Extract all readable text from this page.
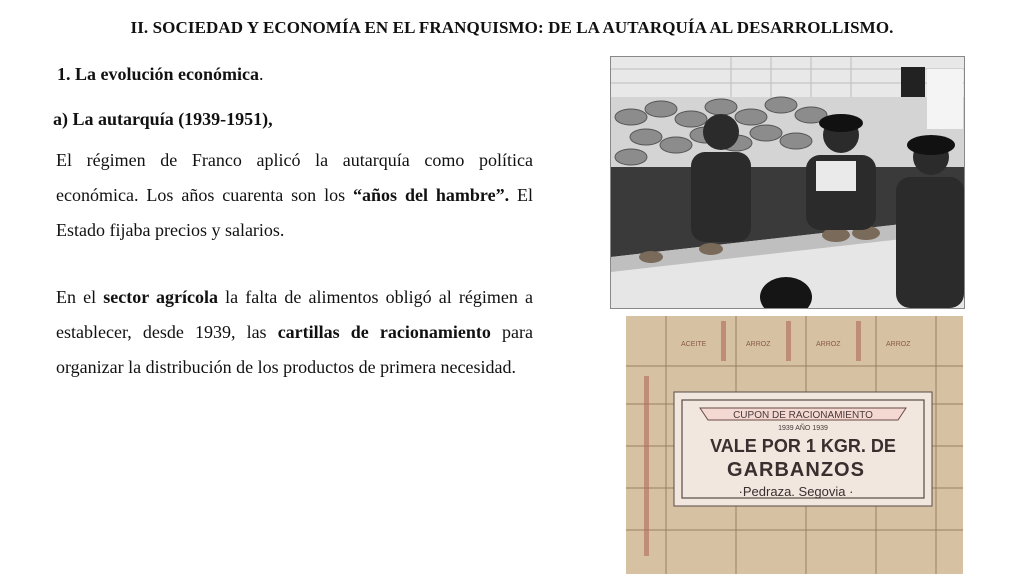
II. SOCIEDAD Y ECONOMÍA EN EL FRANQUISMO: DE LA AUTARQUÍA AL DESARROLLISMO.
1. La evolución económica.
a) La autarquía (1939-1951),
El régimen de Franco aplicó la autarquía como política económica. Los años cuarenta son los “años del hambre”. El Estado fijaba precios y salarios.
En el sector agrícola la falta de alimentos obligó al régimen a establecer, desde 1939, las cartillas de racionamiento para organizar la distribución de los productos de primera necesidad.
ACEITE	ARROZ	ARROZ	ARROZ
CUPON DE RACIONAMIENTO
1939 AÑO 1939
VALE POR 1 KGR. DE
GARBANZOS
·Pedraza. Segovia ·
